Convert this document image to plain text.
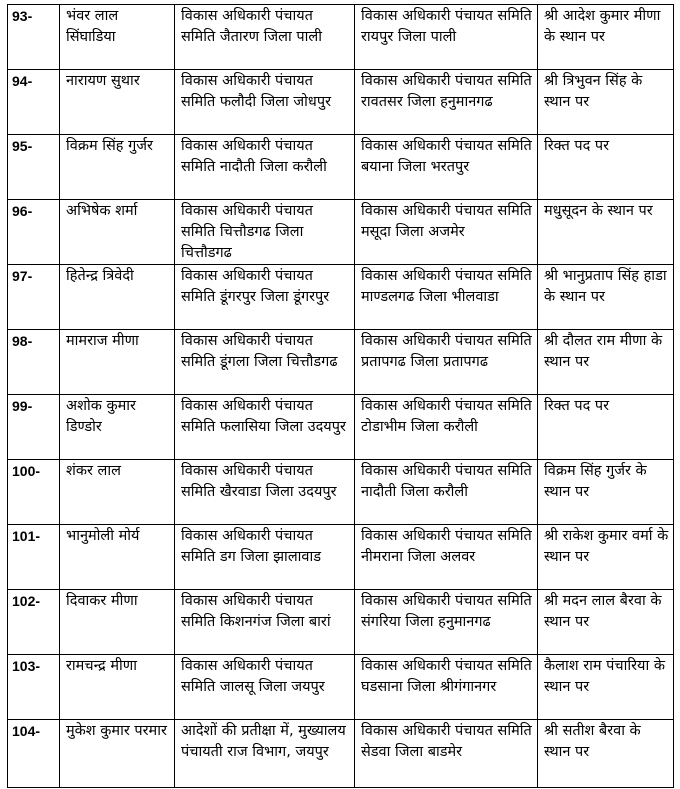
93-	भंवर लाल सिंघाडिया	विकास अधिकारी पंचायत समिति जैतारण जिला पाली	विकास अधिकारी पंचायत समिति रायपुर जिला पाली	श्री आदेश कुमार मीणा के स्थान पर
94-	नारायण सुथार	विकास अधिकारी पंचायत समिति फलौदी जिला जोधपुर	विकास अधिकारी पंचायत समिति रावतसर जिला हनुमानगढ	श्री त्रिभुवन सिंह के स्थान पर
95-	विक्रम सिंह गुर्जर	विकास अधिकारी पंचायत समिति नादौती जिला करौली	विकास अधिकारी पंचायत समिति बयाना जिला भरतपुर	रिक्त पद पर
96-	अभिषेक शर्मा	विकास अधिकारी पंचायत समिति चित्तौडगढ जिला चित्तौडगढ	विकास अधिकारी पंचायत समिति मसूदा जिला अजमेर	मधुसूदन के स्थान पर
97-	हितेन्द्र त्रिवेदी	विकास अधिकारी पंचायत समिति डूंगरपुर जिला डूंगरपुर	विकास अधिकारी पंचायत समिति माण्डलगढ जिला भीलवाडा	श्री भानुप्रताप सिंह हाडा के स्थान पर
98-	मामराज मीणा	विकास अधिकारी पंचायत समिति डूंगला जिला चित्तौडगढ	विकास अधिकारी पंचायत समिति प्रतापगढ जिला प्रतापगढ	श्री दौलत राम मीणा के स्थान पर
99-	अशोक कुमार डिण्डोर	विकास अधिकारी पंचायत समिति फलासिया जिला उदयपुर	विकास अधिकारी पंचायत समिति टोडाभीम जिला करौली	रिक्त पद पर
100-	शंकर लाल	विकास अधिकारी पंचायत समिति खैरवाडा जिला उदयपुर	विकास अधिकारी पंचायत समिति नादौती जिला करौली	विक्रम सिंह गुर्जर के स्थान पर
101-	भानुमोली मोर्य	विकास अधिकारी पंचायत समिति डग जिला झालावाड	विकास अधिकारी पंचायत समिति नीमराना जिला अलवर	श्री राकेश कुमार वर्मा के स्थान पर
102-	दिवाकर मीणा	विकास अधिकारी पंचायत समिति किशनगंज जिला बारां	विकास अधिकारी पंचायत समिति संगरिया जिला हनुमानगढ	श्री मदन लाल बैरवा के स्थान पर
103-	रामचन्द्र मीणा	विकास अधिकारी पंचायत समिति जालसू जिला जयपुर	विकास अधिकारी पंचायत समिति घडसाना जिला श्रीगंगानगर	कैलाश राम पंचारिया के स्थान पर
104-	मुकेश कुमार परमार	आदेशों की प्रतीक्षा में, मुख्यालय पंचायती राज विभाग, जयपुर	विकास अधिकारी पंचायत समिति सेडवा जिला बाडमेर	श्री सतीश बैरवा के स्थान पर
